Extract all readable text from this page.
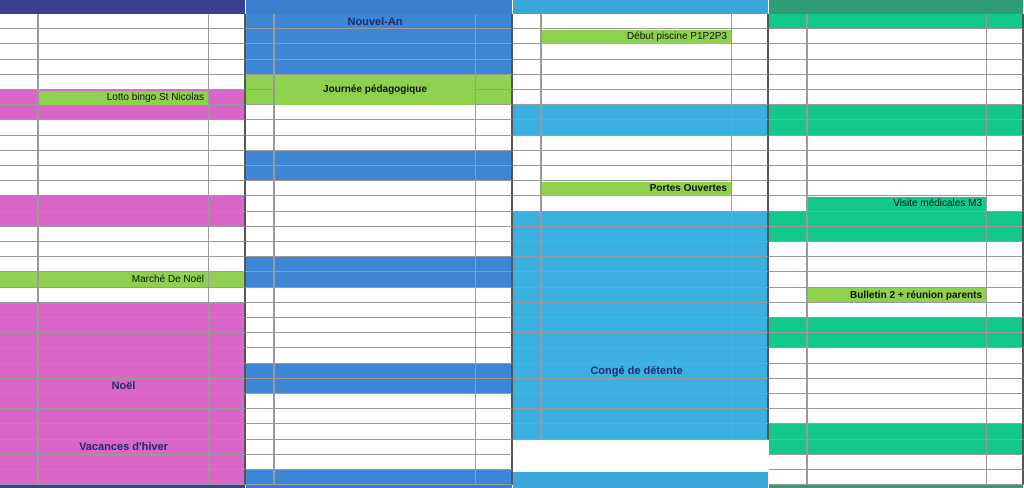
Lotto bingo St Nicolas
Marché De Noël
Noël
Vacances d'hiver
Nouvel-An
Journée pédagogique
Début piscine P1P2P3
Portes Ouvertes
Congé de détente
Visite médicales M3
Bulletin 2 + réunion parents
